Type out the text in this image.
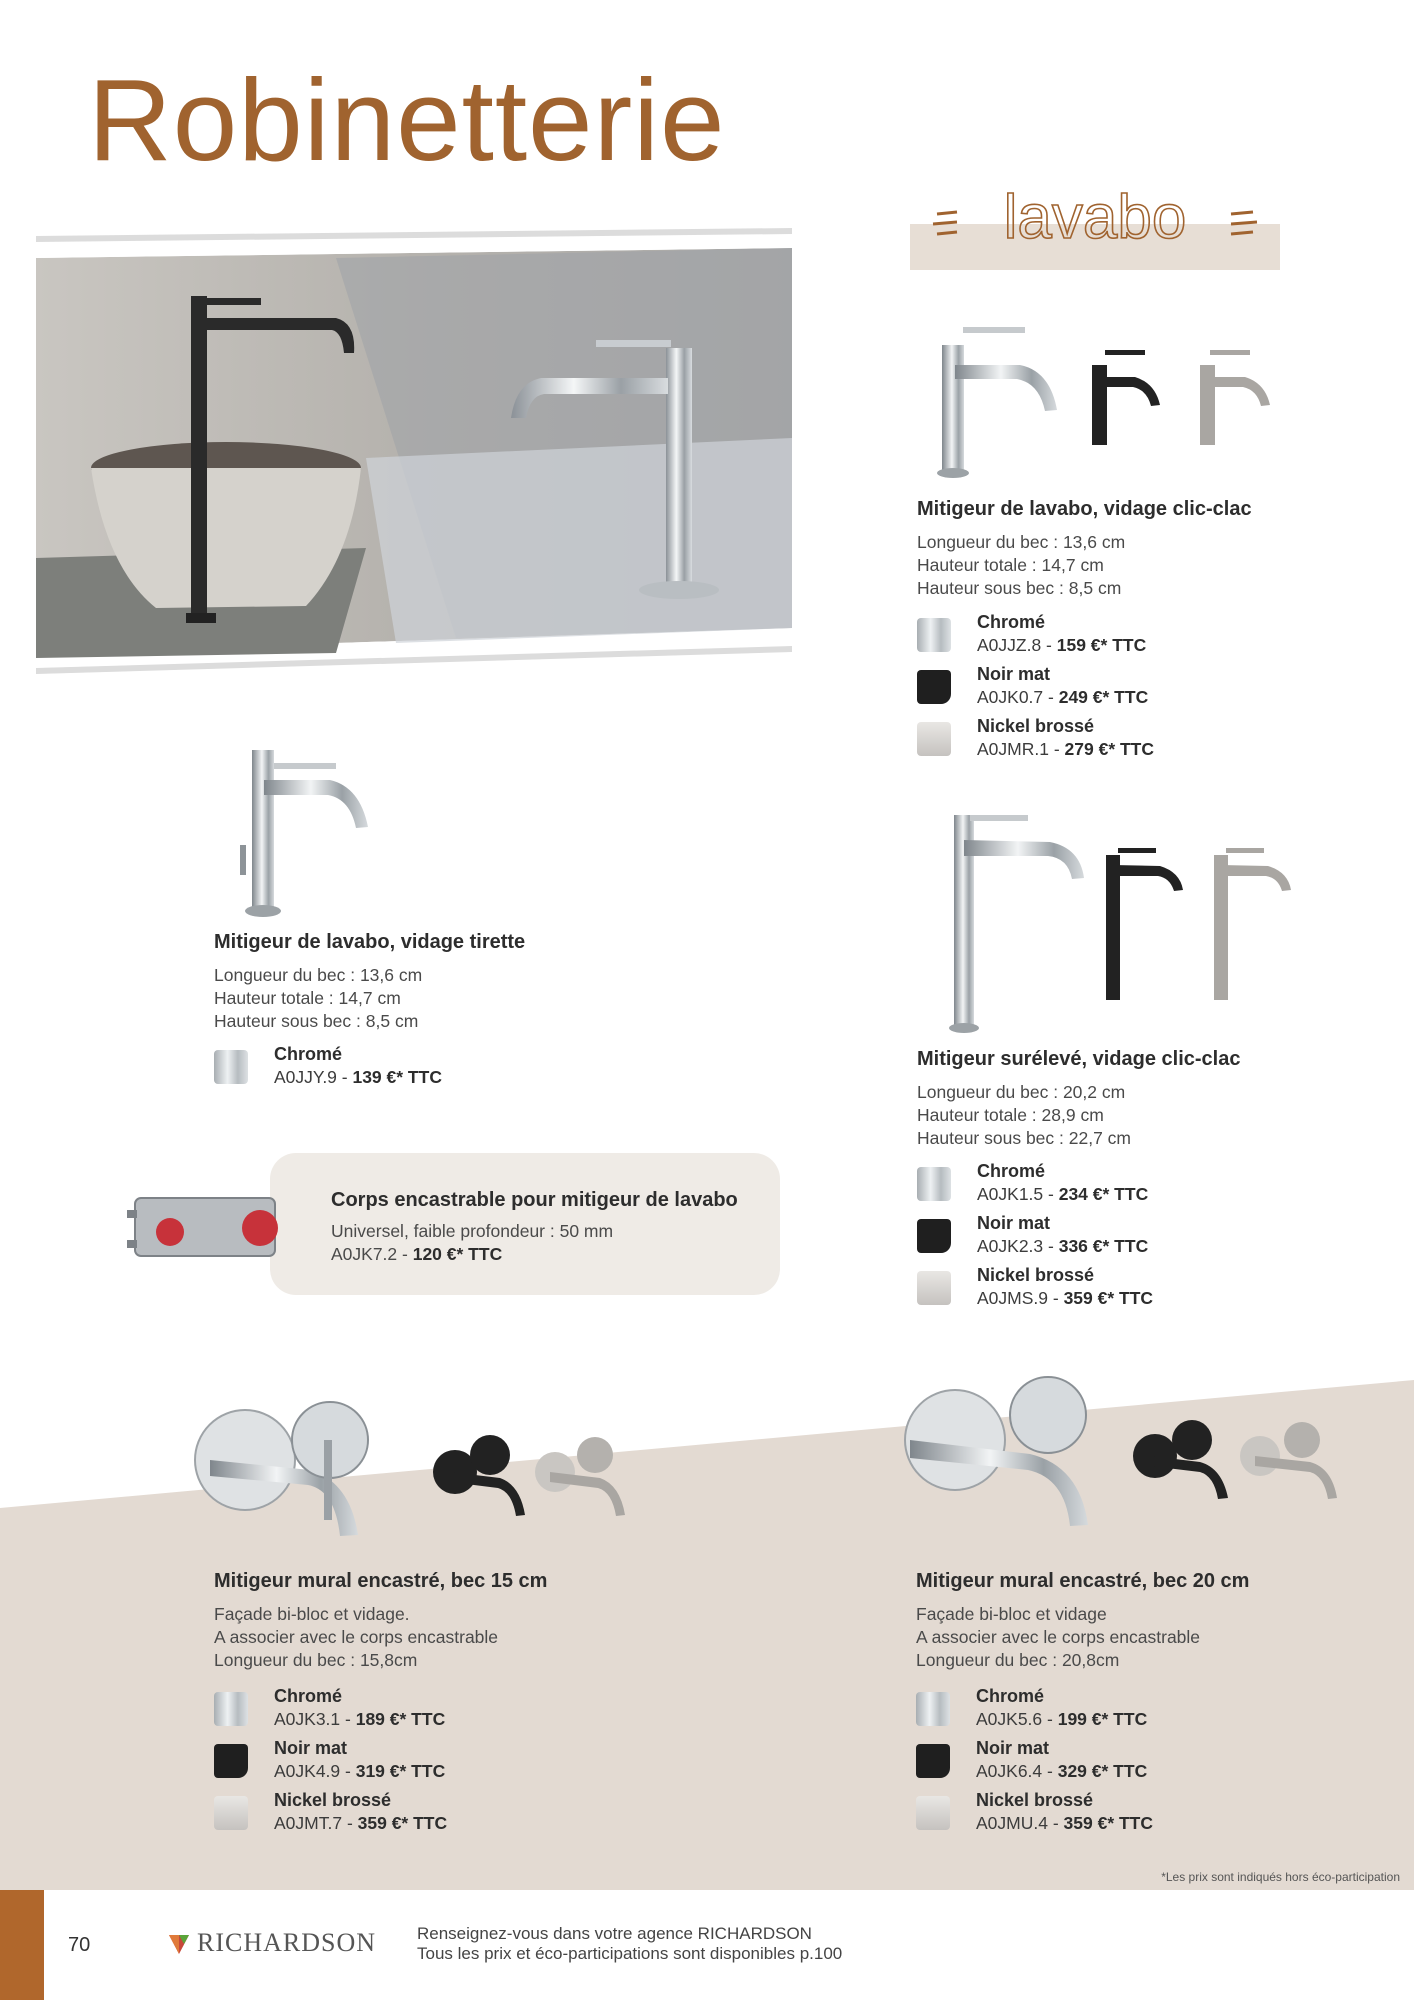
Robinetterie
lavabo
Mitigeur de lavabo, vidage clic-clac
Longueur du bec : 13,6 cm
Hauteur totale : 14,7 cm
Hauteur sous bec : 8,5 cm
Chromé
A0JJZ.8 - 159 €* TTC
Noir mat
A0JK0.7 - 249 €* TTC
Nickel brossé
A0JMR.1 - 279 €* TTC
Mitigeur de lavabo, vidage tirette
Longueur du bec : 13,6 cm
Hauteur totale : 14,7 cm
Hauteur sous bec : 8,5 cm
Chromé
A0JJY.9 - 139 €* TTC
Corps encastrable pour mitigeur de lavabo
Universel, faible profondeur : 50 mm
A0JK7.2 - 120 €* TTC
Mitigeur surélevé, vidage clic-clac
Longueur du bec : 20,2 cm
Hauteur totale : 28,9 cm
Hauteur sous bec : 22,7 cm
Chromé
A0JK1.5 - 234 €* TTC
Noir mat
A0JK2.3 - 336 €* TTC
Nickel brossé
A0JMS.9 - 359 €* TTC
Mitigeur mural encastré, bec 15 cm
Façade bi-bloc et vidage.
A associer avec le corps encastrable
Longueur du bec : 15,8cm
Chromé
A0JK3.1 - 189 €* TTC
Noir mat
A0JK4.9 - 319 €* TTC
Nickel brossé
A0JMT.7 - 359 €* TTC
Mitigeur mural encastré, bec 20 cm
Façade bi-bloc et vidage
A associer avec le corps encastrable
Longueur du bec : 20,8cm
Chromé
A0JK5.6 - 199 €* TTC
Noir mat
A0JK6.4 - 329 €* TTC
Nickel brossé
A0JMU.4 - 359 €* TTC
*Les prix sont indiqués hors éco-participation
70	RICHARDSON Renseignez-vous dans votre agence RICHARDSON
Tous les prix et éco-participations sont disponibles p.100
